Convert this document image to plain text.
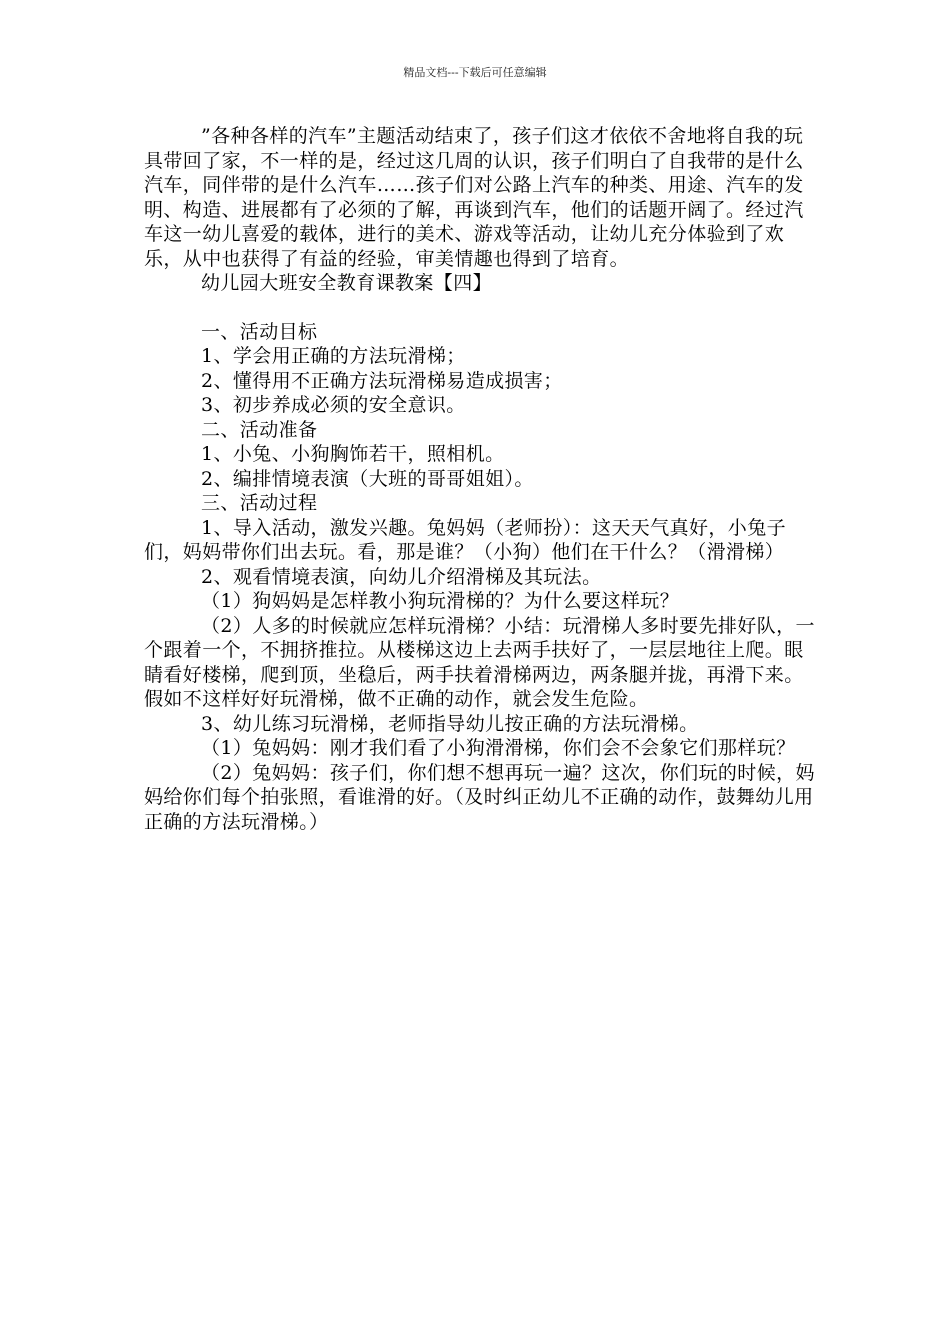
精品文档---下载后可任意编辑

”各种各样的汽车”主题活动结束了，孩子们这才依依不舍地将自我的玩具带回了家，不一样的是，经过这几周的认识，孩子们明白了自我带的是什么汽车，同伴带的是什么汽车……孩子们对公路上汽车的种类、用途、汽车的发明、构造、进展都有了必须的了解，再谈到汽车，他们的话题开阔了。经过汽车这一幼儿喜爱的载体，进行的美术、游戏等活动，让幼儿充分体验到了欢乐，从中也获得了有益的经验，审美情趣也得到了培育。

幼儿园大班安全教育课教案【四】

一、活动目标

1、学会用正确的方法玩滑梯；

2、懂得用不正确方法玩滑梯易造成损害；

3、初步养成必须的安全意识。

二、活动准备

1、小兔、小狗胸饰若干，照相机。

2、编排情境表演（大班的哥哥姐姐）。

三、活动过程

1、导入活动，激发兴趣。兔妈妈（老师扮）：这天天气真好，小兔子们，妈妈带你们出去玩。看，那是谁？（小狗）他们在干什么？（滑滑梯）

2、观看情境表演，向幼儿介绍滑梯及其玩法。

（1）狗妈妈是怎样教小狗玩滑梯的？为什么要这样玩？

（2）人多的时候就应怎样玩滑梯？小结：玩滑梯人多时要先排好队，一个跟着一个，不拥挤推拉。从楼梯这边上去两手扶好了，一层层地往上爬。眼睛看好楼梯，爬到顶，坐稳后，两手扶着滑梯两边，两条腿并拢，再滑下来。假如不这样好好玩滑梯，做不正确的动作，就会发生危险。

3、幼儿练习玩滑梯，老师指导幼儿按正确的方法玩滑梯。

（1）兔妈妈：刚才我们看了小狗滑滑梯，你们会不会象它们那样玩？

（2）兔妈妈：孩子们，你们想不想再玩一遍？这次，你们玩的时候，妈妈给你们每个拍张照，看谁滑的好。（及时纠正幼儿不正确的动作，鼓舞幼儿用正确的方法玩滑梯。）
